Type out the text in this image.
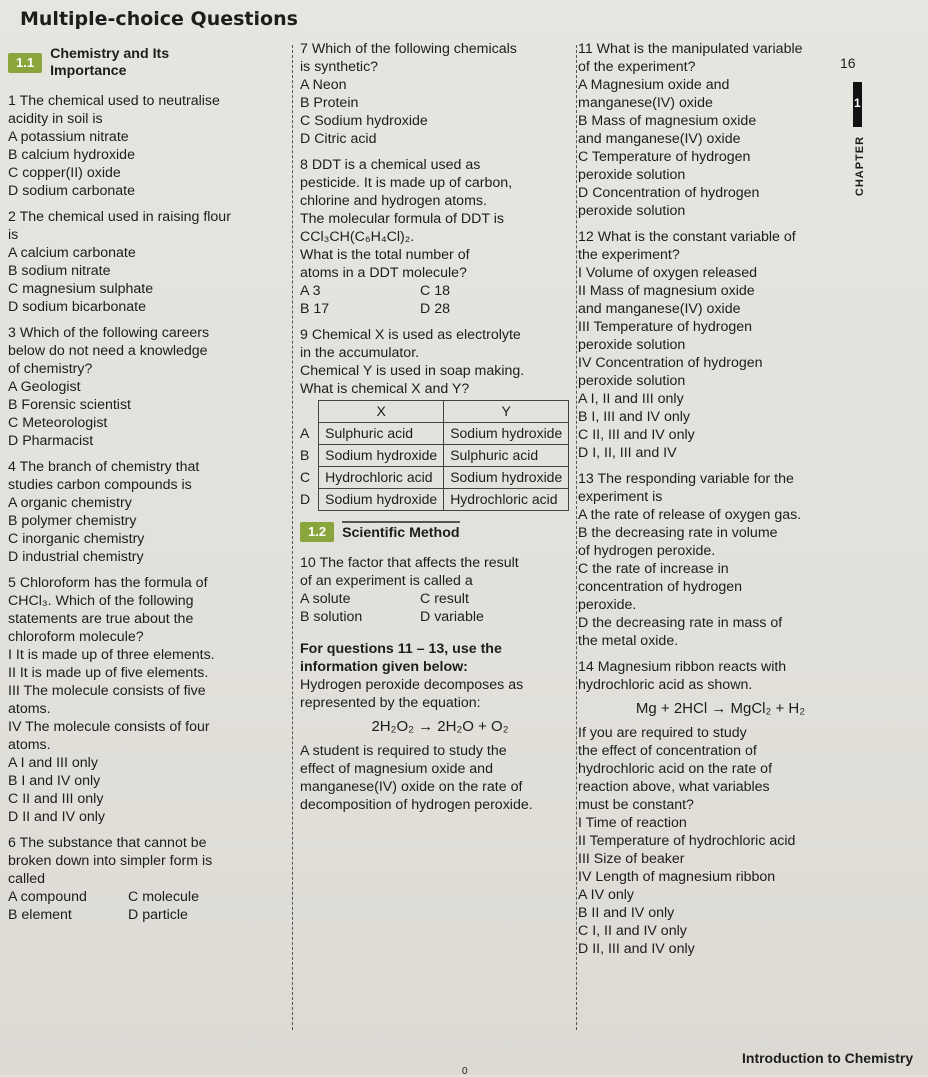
Multiple-choice Questions
1.1
Chemistry and Its
Importance
1 The chemical used to neutralise
acidity in soil is
A potassium nitrate
B calcium hydroxide
C copper(II) oxide
D sodium carbonate
2 The chemical used in raising flour
is
A calcium carbonate
B sodium nitrate
C magnesium sulphate
D sodium bicarbonate
3 Which of the following careers
below do not need a knowledge
of chemistry?
A Geologist
B Forensic scientist
C Meteorologist
D Pharmacist
4 The branch of chemistry that
studies carbon compounds is
A organic chemistry
B polymer chemistry
C inorganic chemistry
D industrial chemistry
5 Chloroform has the formula of
CHCl₃. Which of the following
statements are true about the
chloroform molecule?
I It is made up of three elements.
II It is made up of five elements.
III The molecule consists of five
atoms.
IV The molecule consists of four
atoms.
A I and III only
B I and IV only
C II and III only
D II and IV only
6 The substance that cannot be
broken down into simpler form is
called
A compound	C molecule
B element	D particle
7 Which of the following chemicals
is synthetic?
A Neon
B Protein
C Sodium hydroxide
D Citric acid
8 DDT is a chemical used as
pesticide. It is made up of carbon,
chlorine and hydrogen atoms.
The molecular formula of DDT is
CCl₃CH(C₆H₄Cl)₂.
What is the total number of
atoms in a DDT molecule?
A 3	C 18
B 17	D 28
9 Chemical X is used as electrolyte
in the accumulator.
Chemical Y is used in soap making.
What is chemical X and Y?
	X	Y
A	Sulphuric acid	Sodium hydroxide
B	Sodium hydroxide	Sulphuric acid
C	Hydrochloric acid	Sodium hydroxide
D	Sodium hydroxide	Hydrochloric acid
1.2	Scientific Method
10 The factor that affects the result
of an experiment is called a
A solute	C result
B solution	D variable
For questions 11 – 13, use the
information given below:
Hydrogen peroxide decomposes as
represented by the equation:
2H₂O₂ → 2H₂O + O₂
A student is required to study the
effect of magnesium oxide and
manganese(IV) oxide on the rate of
decomposition of hydrogen peroxide.
11 What is the manipulated variable
of the experiment?
A Magnesium oxide and
manganese(IV) oxide
B Mass of magnesium oxide
and manganese(IV) oxide
C Temperature of hydrogen
peroxide solution
D Concentration of hydrogen
peroxide solution
12 What is the constant variable of
the experiment?
I Volume of oxygen released
II Mass of magnesium oxide
and manganese(IV) oxide
III Temperature of hydrogen
peroxide solution
IV Concentration of hydrogen
peroxide solution
A I, II and III only
B I, III and IV only
C II, III and IV only
D I, II, III and IV
13 The responding variable for the
experiment is
A the rate of release of oxygen gas.
B the decreasing rate in volume
of hydrogen peroxide.
C the rate of increase in
concentration of hydrogen
peroxide.
D the decreasing rate in mass of
the metal oxide.
14 Magnesium ribbon reacts with
hydrochloric acid as shown.
Mg + 2HCl → MgCl₂ + H₂
If you are required to study
the effect of concentration of
hydrochloric acid on the rate of
reaction above, what variables
must be constant?
I Time of reaction
II Temperature of hydrochloric acid
III Size of beaker
IV Length of magnesium ribbon
A IV only
B II and IV only
C I, II and IV only
D II, III and IV only
16
1
CHAPTER
0
Introduction to Chemistry
